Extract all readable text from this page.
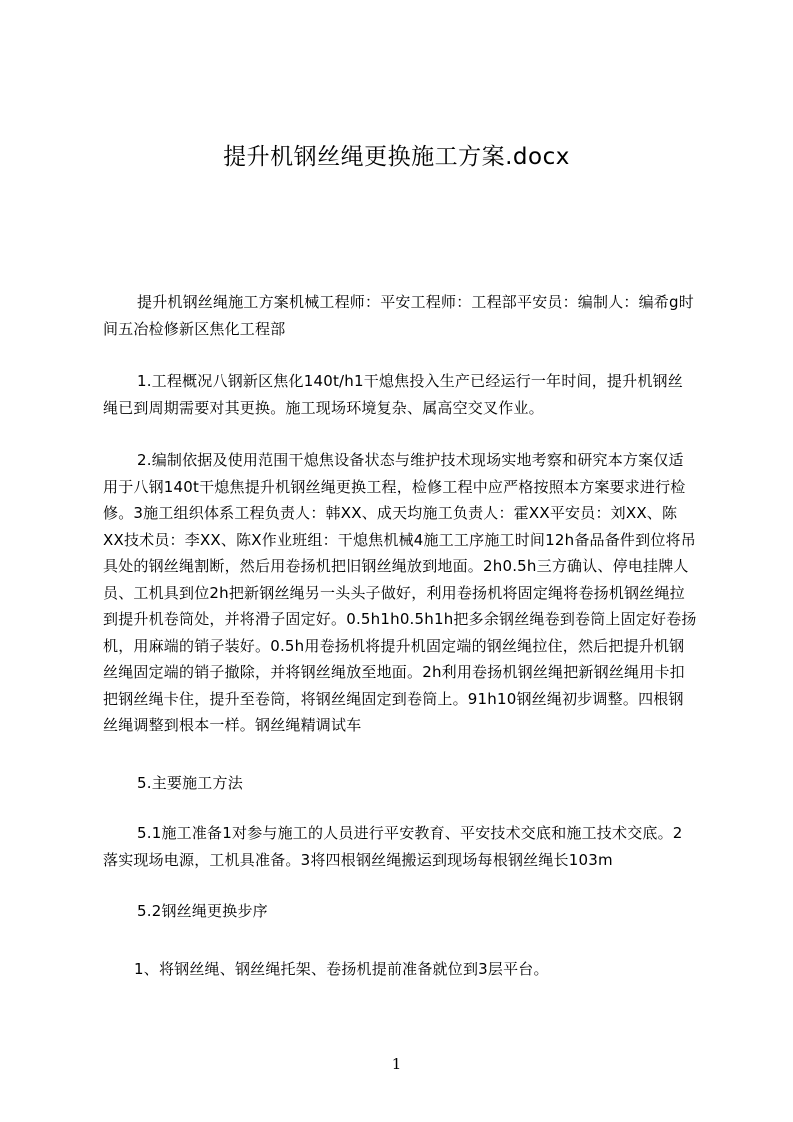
提升机钢丝绳更换施工方案.docx

提升机钢丝绳施工方案机械工程师：平安工程师：工程部平安员：编制人：编希g时间五冶检修新区焦化工程部

1.工程概况八钢新区焦化140t/h1干熄焦投入生产已经运行一年时间，提升机钢丝绳已到周期需要对其更换。施工现场环境复杂、属高空交叉作业。

2.编制依据及使用范围干熄焦设备状态与维护技术现场实地考察和研究本方案仅适用于八钢140t干熄焦提升机钢丝绳更换工程，检修工程中应严格按照本方案要求进行检修。3施工组织体系工程负责人：韩XX、成天均施工负责人：霍XX平安员：刘XX、陈XX技术员：李XX、陈X作业班组：干熄焦机械4施工工序施工时间12h备品备件到位将吊具处的钢丝绳割断，然后用卷扬机把旧钢丝绳放到地面。2h0.5h三方确认、停电挂牌人员、工机具到位2h把新钢丝绳另一头头子做好，利用卷扬机将固定绳将卷扬机钢丝绳拉到提升机卷筒处，并将滑子固定好。0.5h1h0.5h1h把多余钢丝绳卷到卷筒上固定好卷扬机，用麻端的销子装好。0.5h用卷扬机将提升机固定端的钢丝绳拉住，然后把提升机钢丝绳固定端的销子撤除，并将钢丝绳放至地面。2h利用卷扬机钢丝绳把新钢丝绳用卡扣把钢丝绳卡住，提升至卷筒，将钢丝绳固定到卷筒上。91h10钢丝绳初步调整。四根钢丝绳调整到根本一样。钢丝绳精调试车

5.主要施工方法

5.1施工准备1对参与施工的人员进行平安教育、平安技术交底和施工技术交底。2落实现场电源，工机具准备。3将四根钢丝绳搬运到现场每根钢丝绳长103m

5.2钢丝绳更换步序

1、将钢丝绳、钢丝绳托架、卷扬机提前准备就位到3层平台。

1
